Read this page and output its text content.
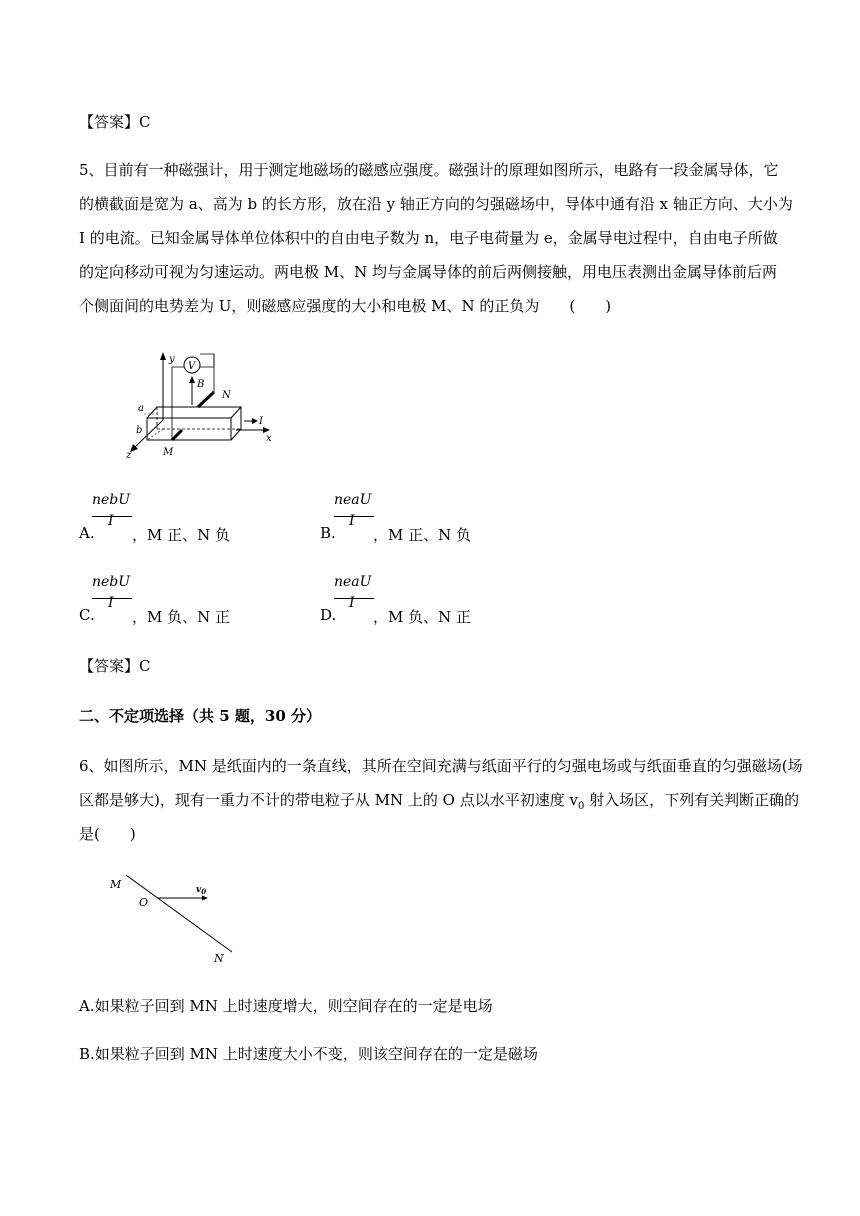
【答案】C
5、目前有一种磁强计，用于测定地磁场的磁感应强度。磁强计的原理如图所示，电路有一段金属导体，它
的横截面是宽为 a、高为 b 的长方形，放在沿 y 轴正方向的匀强磁场中，导体中通有沿 x 轴正方向、大小为
I 的电流。已知金属导体单位体积中的自由电子数为 n，电子电荷量为 e，金属导电过程中，自由电子所做
的定向移动可视为匀速运动。两电极 M、N 均与金属导体的前后两侧接触，用电压表测出金属导体前后两
个侧面间的电势差为 U，则磁感应强度的大小和电极 M、N 的正负为　　(　　)
y
x
z
a
b
N
M
V
B
I
A.
nebU
I
，M 正、N 负	B.
neaU
I
，M 正、N 负
C.
nebU
I
，M 负、N 正	D.
neaU
I
，M 负、N 正
【答案】C
二、不定项选择（共 5 题，30 分）
6、如图所示，MN 是纸面内的一条直线，其所在空间充满与纸面平行的匀强电场或与纸面垂直的匀强磁场(场
区都是够大)，现有一重力不计的带电粒子从 MN 上的 O 点以水平初速度 $v_0$ 射入场区，下列有关判断正确的
是(　　)
M
O
$v_0$
N
A.如果粒子回到 MN 上时速度增大，则空间存在的一定是电场
B.如果粒子回到 MN 上时速度大小不变，则该空间存在的一定是磁场
